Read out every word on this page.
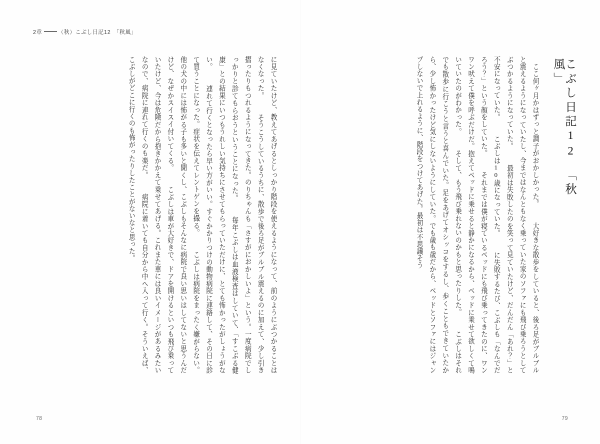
2章	（秋）こぶし日記12　「秋風」
に見ていたけど、教えてあげるとしっかり階段を使えるようになって、前のようにぶつかることはなくなった。 　そうこうしているうちに、散歩で後ろ足がブルブル震えるのに加えて、少し引き摺ったりもつれるようになってきた。のりちゃんも「さすがにおかしいよ」という。一度病院でしっかりと診てもらおうということになった。 　毎年こぶしは血液検査はしていて、「すこぶる健康」との結果にいつもうれしい気持ちにさせてもらっていただけに、とても怖かったがしょうがない。 　連れて行くとなったら早い方がいい。すぐかかりつけの動物病院に連絡して、その日に診て買うことになった。症状を伝えてレントゲンを撮る。 　こぶしは病院をまったく嫌がらない。他の犬の中には怖がる子も多いと聞くし、こぶしもそんなに病院で良い思いはしてないと思うんだけど、なぜかスイスイ付いてくる。 　こぶしは車が大好きで、ドアを開けるといつも飛び乗っていたけど、今は危険だから抱きかかえて乗せてあげる。これまた車には良いイメージがあるみたいなので、病院に連れて行くのも楽だ。 　病院に着いても自分から中へ入って行く。そういえば、こぶしがどこに行くのも怖がったりしたことがないなと思った。
78
こぶし日記12　「秋風」
　ここ何ヶ月かはずっと調子がおかしかった。 　大好きな散歩をしていると、後ろ足がブルブルと震えるようになっていたし、今まではなんともなく乗っていた家のソファにも飛び乗ろうとしてぶつかるようになっていた。 　最初は失敗したのを笑って見ていたけど、だんだん「あれ？」と不安になっていた。 　こぶしは10歳になっていた。 　に失敗するたび、こぶしも「なんでだろう？」という顔をしていた。 　それまでは僕が寝ているベッドにも飛び乗ってきたのに、ワンワン吠えて僕を呼ぶだけだ。抱えてベッドに乗せると静かになるから、ベッドに乗せて欲しくて鳴いていたのがわかった。 　そして、もう飛び乗れないのかもと思ったりした。 　こぶしはそれでも散歩に行こうと言うと喜んでいた。足をあげてオシッコをするし、歩くこともできていたから、少し怖かったけど気にしないようにしていた。でも歳も歳だから、ベッドとソファにはジャンプしないで上れるように、階段をつけてあげた。最初は不思議そう
79
